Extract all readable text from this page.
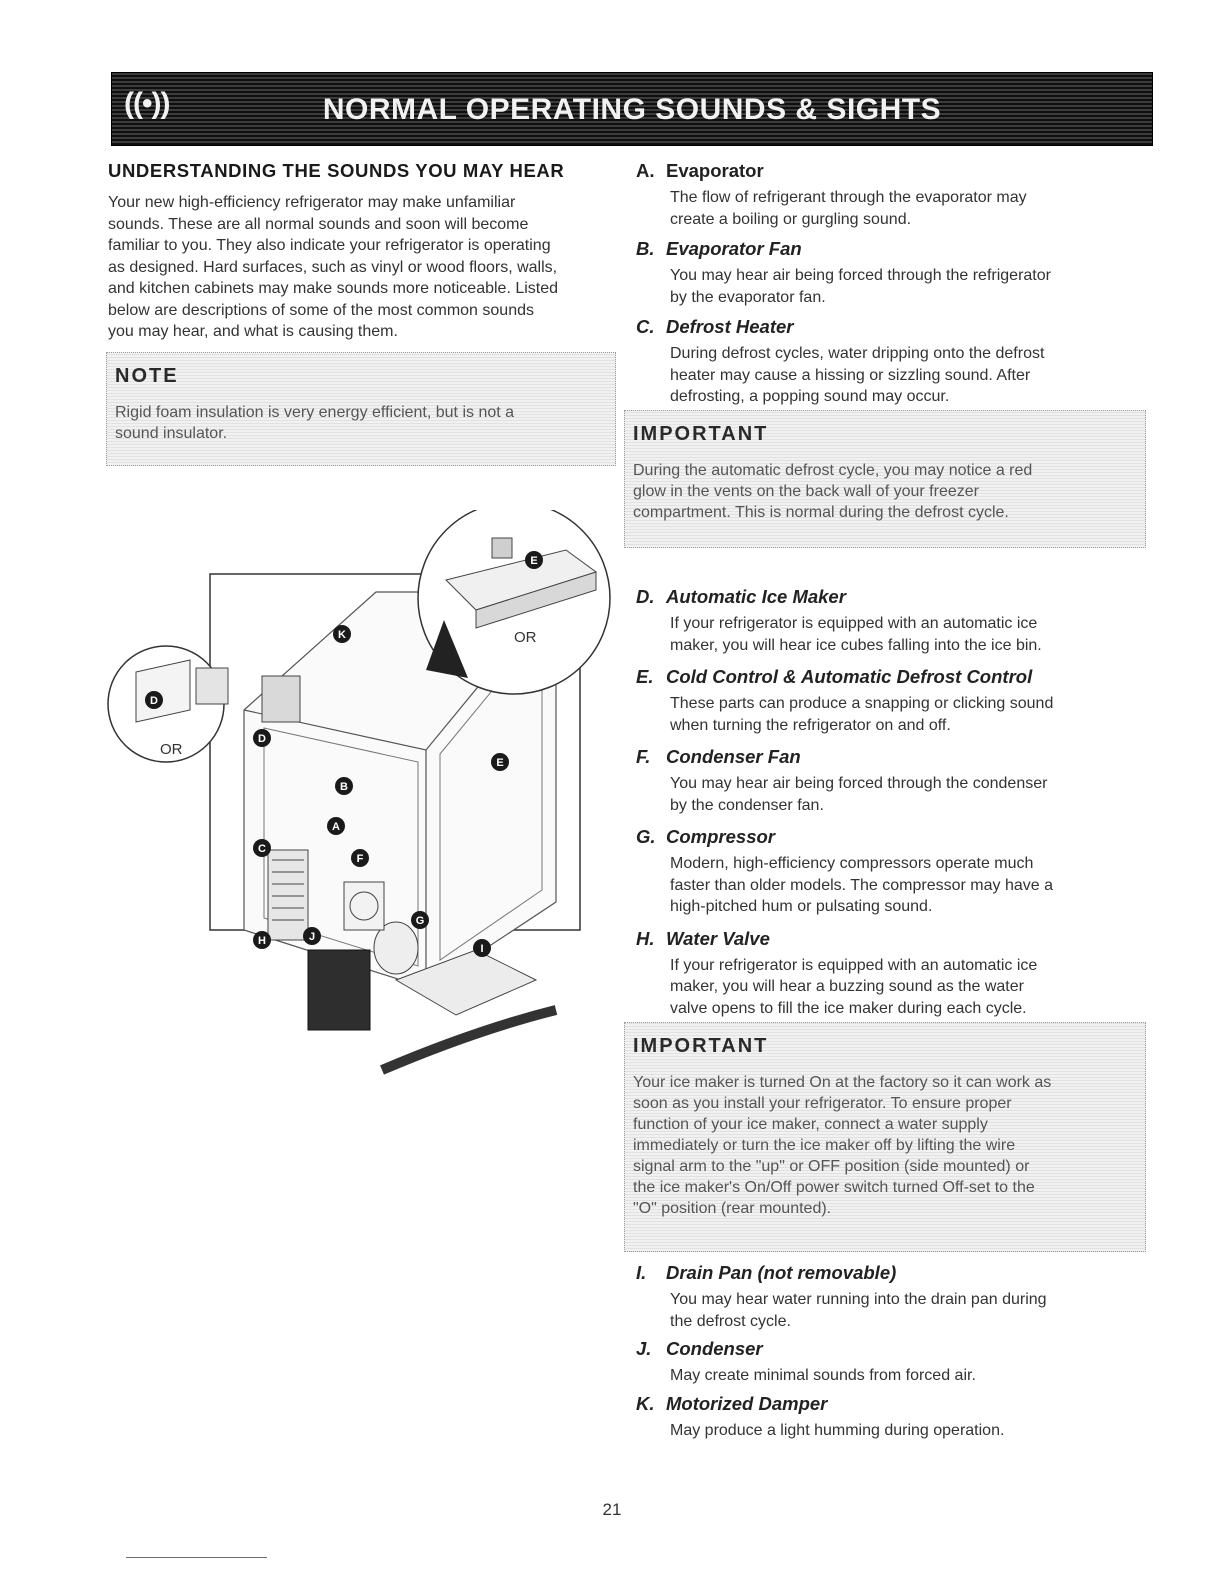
((•))	NORMAL OPERATING SOUNDS & SIGHTS
UNDERSTANDING THE SOUNDS YOU MAY HEAR

Your new high-efficiency refrigerator may make unfamiliar
sounds. These are all normal sounds and soon will become
familiar to you. They also indicate your refrigerator is operating
as designed. Hard surfaces, such as vinyl or wood floors, walls,
and kitchen cabinets may make sounds more noticeable. Listed
below are descriptions of some of the most common sounds
you may hear, and what is causing them.

NOTE
Rigid foam insulation is very energy efficient, but is not a
sound insulator.
OR
OR
K
D
D
E
E
B
A
C
F
G
H	J
I
A. Evaporator
The flow of refrigerant through the evaporator may
create a boiling or gurgling sound.
B. Evaporator Fan
You may hear air being forced through the refrigerator
by the evaporator fan.
C. Defrost Heater
During defrost cycles, water dripping onto the defrost
heater may cause a hissing or sizzling sound. After
defrosting, a popping sound may occur.
IMPORTANT
During the automatic defrost cycle, you may notice a red
glow in the vents on the back wall of your freezer
compartment. This is normal during the defrost cycle.
D. Automatic Ice Maker
If your refrigerator is equipped with an automatic ice
maker, you will hear ice cubes falling into the ice bin.
E. Cold Control & Automatic Defrost Control
These parts can produce a snapping or clicking sound
when turning the refrigerator on and off.
F. Condenser Fan
You may hear air being forced through the condenser
by the condenser fan.
G. Compressor
Modern, high-efficiency compressors operate much
faster than older models. The compressor may have a
high-pitched hum or pulsating sound.
H. Water Valve
If your refrigerator is equipped with an automatic ice
maker, you will hear a buzzing sound as the water
valve opens to fill the ice maker during each cycle.
IMPORTANT
Your ice maker is turned On at the factory so it can work as
soon as you install your refrigerator. To ensure proper
function of your ice maker, connect a water supply
immediately or turn the ice maker off by lifting the wire
signal arm to the "up" or OFF position (side mounted) or
the ice maker's On/Off power switch turned Off-set to the
"O" position (rear mounted).
I. Drain Pan (not removable)
You may hear water running into the drain pan during
the defrost cycle.
J. Condenser
May create minimal sounds from forced air.
K. Motorized Damper
May produce a light humming during operation.
21
